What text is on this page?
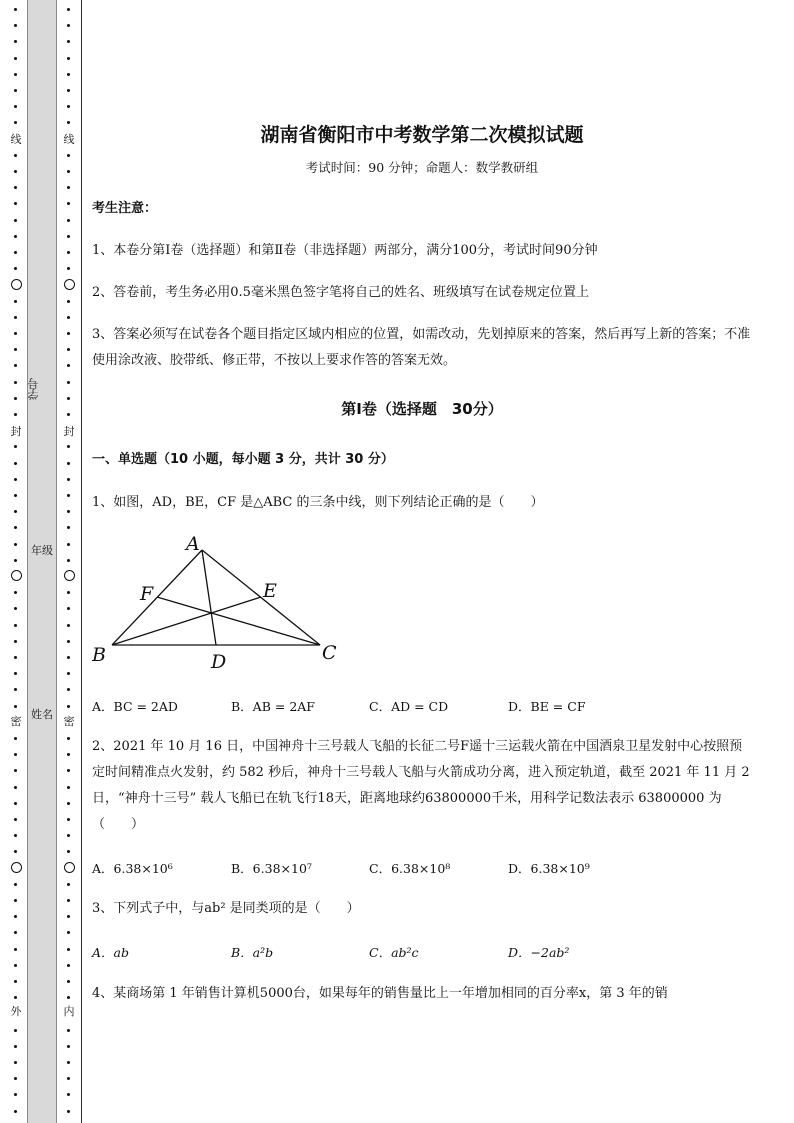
线
封
密
外
线
封
密
内
学号
年级
姓名
湖南省衡阳市中考数学第二次模拟试题
考试时间：90 分钟；命题人：数学教研组
考生注意：
1、本卷分第Ⅰ卷（选择题）和第Ⅱ卷（非选择题）两部分，满分100分，考试时间90分钟
2、答卷前，考生务必用0.5毫米黑色签字笔将自己的姓名、班级填写在试卷规定位置上
3、答案必须写在试卷各个题目指定区域内相应的位置，如需改动，先划掉原来的答案，然后再写上新的答案；不准使用涂改液、胶带纸、修正带，不按以上要求作答的答案无效。
第Ⅰ卷（选择题　30分）
一、单选题（10 小题，每小题 3 分，共计 30 分）
1、如图，AD，BE，CF 是△ABC 的三条中线，则下列结论正确的是（　　）
A
B	C
D
E
F
A．BC = 2AD	B．AB = 2AF	C．AD = CD	D．BE = CF
2、2021 年 10 月 16 日，中国神舟十三号载人飞船的长征二号F遥十三运载火箭在中国酒泉卫星发射中心按照预定时间精准点火发射，约 582 秒后，神舟十三号载人飞船与火箭成功分离，进入预定轨道，截至 2021 年 11 月 2 日，“神舟十三号” 载人飞船已在轨飞行18天，距离地球约63800000千米，用科学记数法表示 63800000 为（　　）
A．6.38×10⁶	B．6.38×10⁷	C．6.38×10⁸	D．6.38×10⁹
3、下列式子中，与ab² 是同类项的是（　　）
A．ab	B．a²b	C．ab²c	D．−2ab²
4、某商场第 1 年销售计算机5000台，如果每年的销售量比上一年增加相同的百分率x，第 3 年的销
